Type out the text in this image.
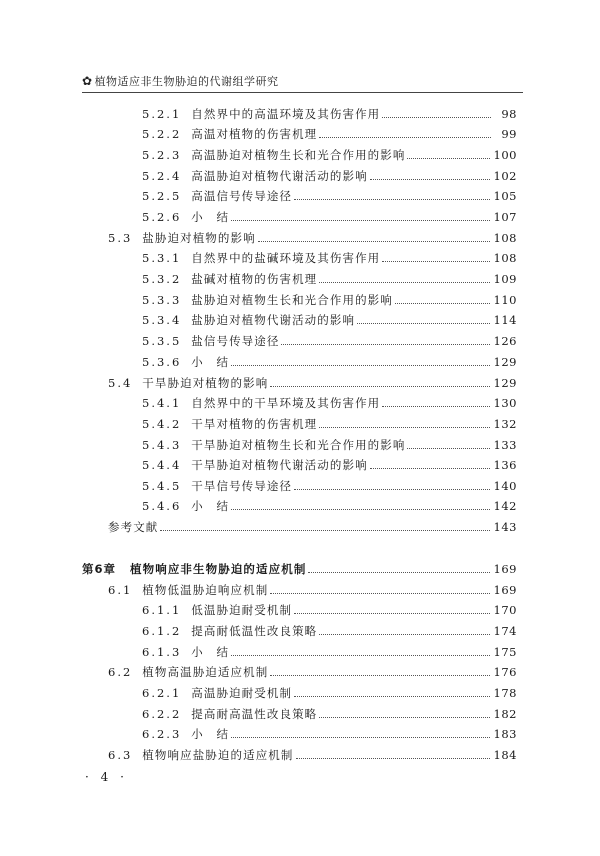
✿ 植物适应非生物胁迫的代谢组学研究
5.2.1 自然界中的高温环境及其伤害作用	98
5.2.2 高温对植物的伤害机理	99
5.2.3 高温胁迫对植物生长和光合作用的影响	100
5.2.4 高温胁迫对植物代谢活动的影响	102
5.2.5 高温信号传导途径	105
5.2.6 小　结	107
5.3 盐胁迫对植物的影响	108
5.3.1 自然界中的盐碱环境及其伤害作用	108
5.3.2 盐碱对植物的伤害机理	109
5.3.3 盐胁迫对植物生长和光合作用的影响	110
5.3.4 盐胁迫对植物代谢活动的影响	114
5.3.5 盐信号传导途径	126
5.3.6 小　结	129
5.4 干旱胁迫对植物的影响	129
5.4.1 自然界中的干旱环境及其伤害作用	130
5.4.2 干旱对植物的伤害机理	132
5.4.3 干旱胁迫对植物生长和光合作用的影响	133
5.4.4 干旱胁迫对植物代谢活动的影响	136
5.4.5 干旱信号传导途径	140
5.4.6 小　结	142
参考文献	143
第6章 植物响应非生物胁迫的适应机制	169
6.1 植物低温胁迫响应机制	169
6.1.1 低温胁迫耐受机制	170
6.1.2 提高耐低温性改良策略	174
6.1.3 小　结	175
6.2 植物高温胁迫适应机制	176
6.2.1 高温胁迫耐受机制	178
6.2.2 提高耐高温性改良策略	182
6.2.3 小　结	183
6.3 植物响应盐胁迫的适应机制	184
· 4 ·
